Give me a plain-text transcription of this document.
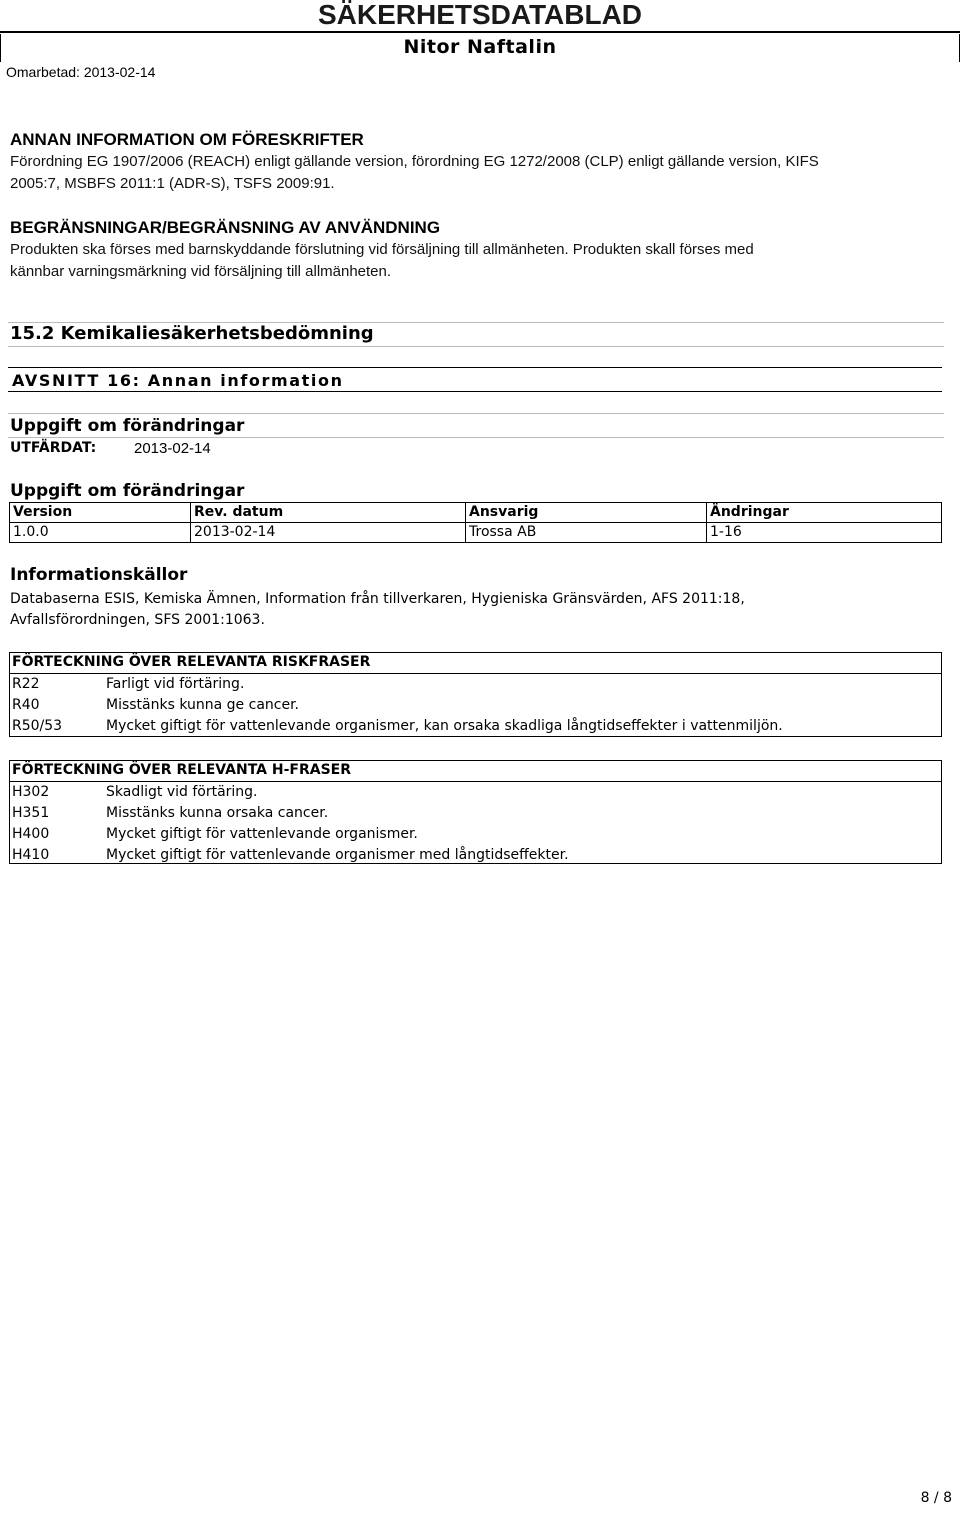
SÄKERHETSDATABLAD
Nitor Naftalin
Omarbetad: 2013-02-14
ANNAN INFORMATION OM FÖRESKRIFTER
Förordning EG 1907/2006 (REACH) enligt gällande version, förordning EG 1272/2008 (CLP) enligt gällande version, KIFS
2005:7, MSBFS 2011:1 (ADR-S), TSFS 2009:91.
BEGRÄNSNINGAR/BEGRÄNSNING AV ANVÄNDNING
Produkten ska förses med barnskyddande förslutning vid försäljning till allmänheten. Produkten skall förses med
kännbar varningsmärkning vid försäljning till allmänheten.
15.2 Kemikaliesäkerhetsbedömning
AVSNITT 16: Annan information
Uppgift om förändringar
UTFÄRDAT:	2013-02-14
Uppgift om förändringar
Version	Rev. datum	Ansvarig	Ändringar
1.0.0	2013-02-14	Trossa AB	1-16
Informationskällor
Databaserna ESIS, Kemiska Ämnen, Information från tillverkaren, Hygieniska Gränsvärden, AFS 2011:18,
Avfallsförordningen, SFS 2001:1063.
FÖRTECKNING ÖVER RELEVANTA RISKFRASER
R22	Farligt vid förtäring.
R40	Misstänks kunna ge cancer.
R50/53	Mycket giftigt för vattenlevande organismer, kan orsaka skadliga långtidseffekter i vattenmiljön.
FÖRTECKNING ÖVER RELEVANTA H-FRASER
H302	Skadligt vid förtäring.
H351	Misstänks kunna orsaka cancer.
H400	Mycket giftigt för vattenlevande organismer.
H410	Mycket giftigt för vattenlevande organismer med långtidseffekter.
8 / 8
